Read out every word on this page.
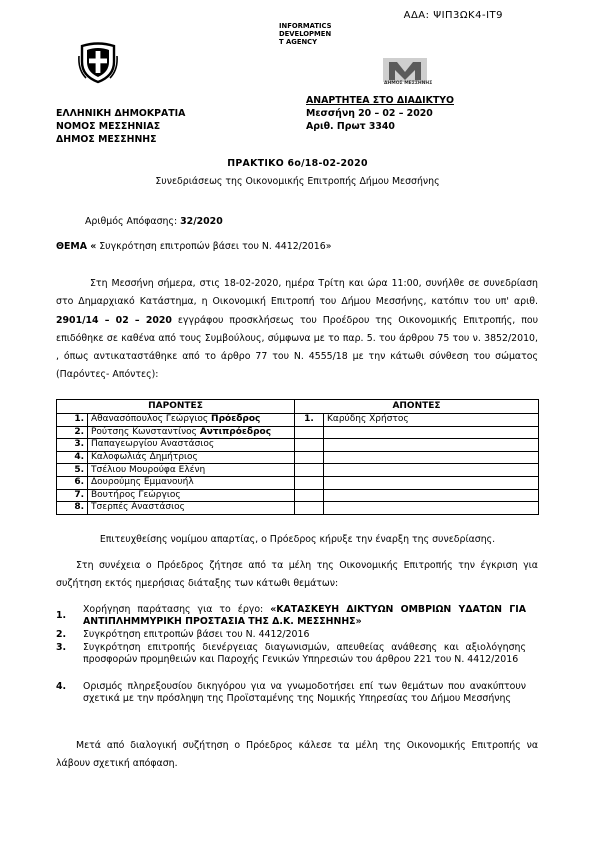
ΑΔΑ: ΨΙΠ3ΩΚ4-ΙΤ9
INFORMATICS
DEVELOPMEN
T AGENCY
ΔΗΜΟΣ ΜΕΣΣΗΝΗΣ
ΕΛΛΗΝΙΚΗ ΔΗΜΟΚΡΑΤΙΑ
ΝΟΜΟΣ ΜΕΣΣΗΝΙΑΣ
ΔΗΜΟΣ ΜΕΣΣΗΝΗΣ
ΑΝΑΡΤΗΤΕΑ ΣΤΟ ΔΙΑΔΙΚΤΥΟ
Μεσσήνη 20 – 02 – 2020
Αριθ. Πρωτ 3340
ΠΡΑΚΤΙΚΟ 6ο/18-02-2020
Συνεδριάσεως της Οικονομικής Επιτροπής Δήμου Μεσσήνης
Αριθμός Απόφασης: 32/2020
ΘΕΜΑ « Συγκρότηση επιτροπών βάσει του Ν. 4412/2016»

Στη Μεσσήνη σήμερα, στις 18-02-2020, ημέρα Τρίτη και ώρα 11:00, συνήλθε σε συνεδρίαση στο Δημαρχιακό Κατάστημα, η Οικονομική Επιτροπή του Δήμου Μεσσήνης, κατόπιν του υπ' αριθ. 2901/14 – 02 – 2020 εγγράφου προσκλήσεως του Προέδρου της Οικονομικής Επιτροπής, που επιδόθηκε σε καθένα από τους Συμβούλους, σύμφωνα με το παρ. 5. του άρθρου 75 του ν. 3852/2010, , όπως αντικαταστάθηκε από το άρθρο 77 του Ν. 4555/18 με την κάτωθι σύνθεση του σώματος (Παρόντες- Απόντες):

ΠΑΡΟΝΤΕΣ		ΑΠΟΝΤΕΣ	
1.	Αθανασόπουλος Γεώργιος Πρόεδρος	1.	Καρύδης Χρήστος
2.	Ρούτσης Κωνσταντίνος Αντιπρόεδρος		
3.	Παπαγεωργίου Αναστάσιος		
4.	Καλοφωλιάς Δημήτριος		
5.	Τσέλιου Μουρούφα Ελένη		
6.	Δουρούμης Εμμανουήλ		
7.	Βουτήρος Γεώργιος		
8.	Τσερπές Αναστάσιος		
Επιτευχθείσης νομίμου απαρτίας, ο Πρόεδρος κήρυξε την έναρξη της συνεδρίασης.

Στη συνέχεια ο Πρόεδρος ζήτησε από τα μέλη της Οικονομικής Επιτροπής την έγκριση για συζήτηση εκτός ημερήσιας διάταξης των κάτωθι θεμάτων:

1.
Χορήγηση παράτασης για το έργο: «ΚΑΤΑΣΚΕΥΗ ΔΙΚΤΥΩΝ ΟΜΒΡΙΩΝ ΥΔΑΤΩΝ ΓΙΑ ΑΝΤΙΠΛΗΜΜΥΡΙΚΗ ΠΡΟΣΤΑΣΙΑ ΤΗΣ Δ.Κ. ΜΕΣΣΗΝΗΣ»
2. Συγκρότηση επιτροπών βάσει του Ν. 4412/2016
3. Συγκρότηση επιτροπής διενέργειας διαγωνισμών, απευθείας ανάθεσης και αξιολόγησης προσφορών προμηθειών και Παροχής Γενικών Υπηρεσιών του άρθρου 221 του Ν. 4412/2016
4. Ορισμός πληρεξουσίου δικηγόρου για να γνωμοδοτήσει επί των θεμάτων που ανακύπτουν σχετικά με την πρόσληψη της Προϊσταμένης της Νομικής Υπηρεσίας του Δήμου Μεσσήνης

Μετά από διαλογική συζήτηση ο Πρόεδρος κάλεσε τα μέλη της Οικονομικής Επιτροπής να λάβουν σχετική απόφαση.
